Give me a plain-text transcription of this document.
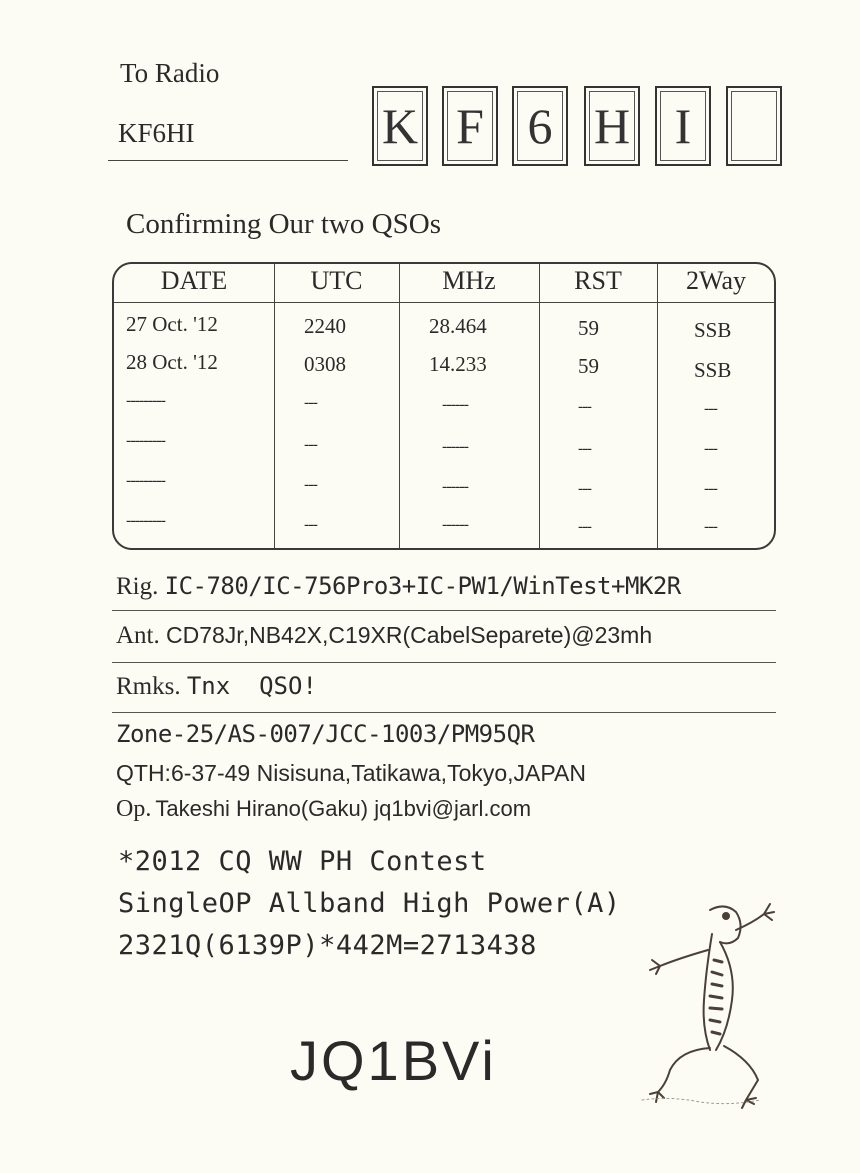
To Radio
KF6HI	K F 6 H I
Confirming Our two QSOs
DATE	UTC	MHz	RST	2Way
27 Oct. '12	2240	28.464	59	SSB
28 Oct. '12	0308	14.233	59	SSB
---------	---	------	---	---
---------	---	------	---	---
---------	---	------	---	---
---------	---	------	---	---
Rig. IC-780/IC-756Pro3+IC-PW1/WinTest+MK2R
Ant. CD78Jr,NB42X,C19XR(CabelSeparete)@23mh
Rmks. Tnx  QSO!
Zone-25/AS-007/JCC-1003/PM95QR
QTH:6-37-49 Nisisuna,Tatikawa,Tokyo,JAPAN
Op. Takeshi Hirano(Gaku) jq1bvi@jarl.com
*2012 CQ WW PH Contest
SingleOP Allband High Power(A)
2321Q(6139P)*442M=2713438
JQ1BVi
